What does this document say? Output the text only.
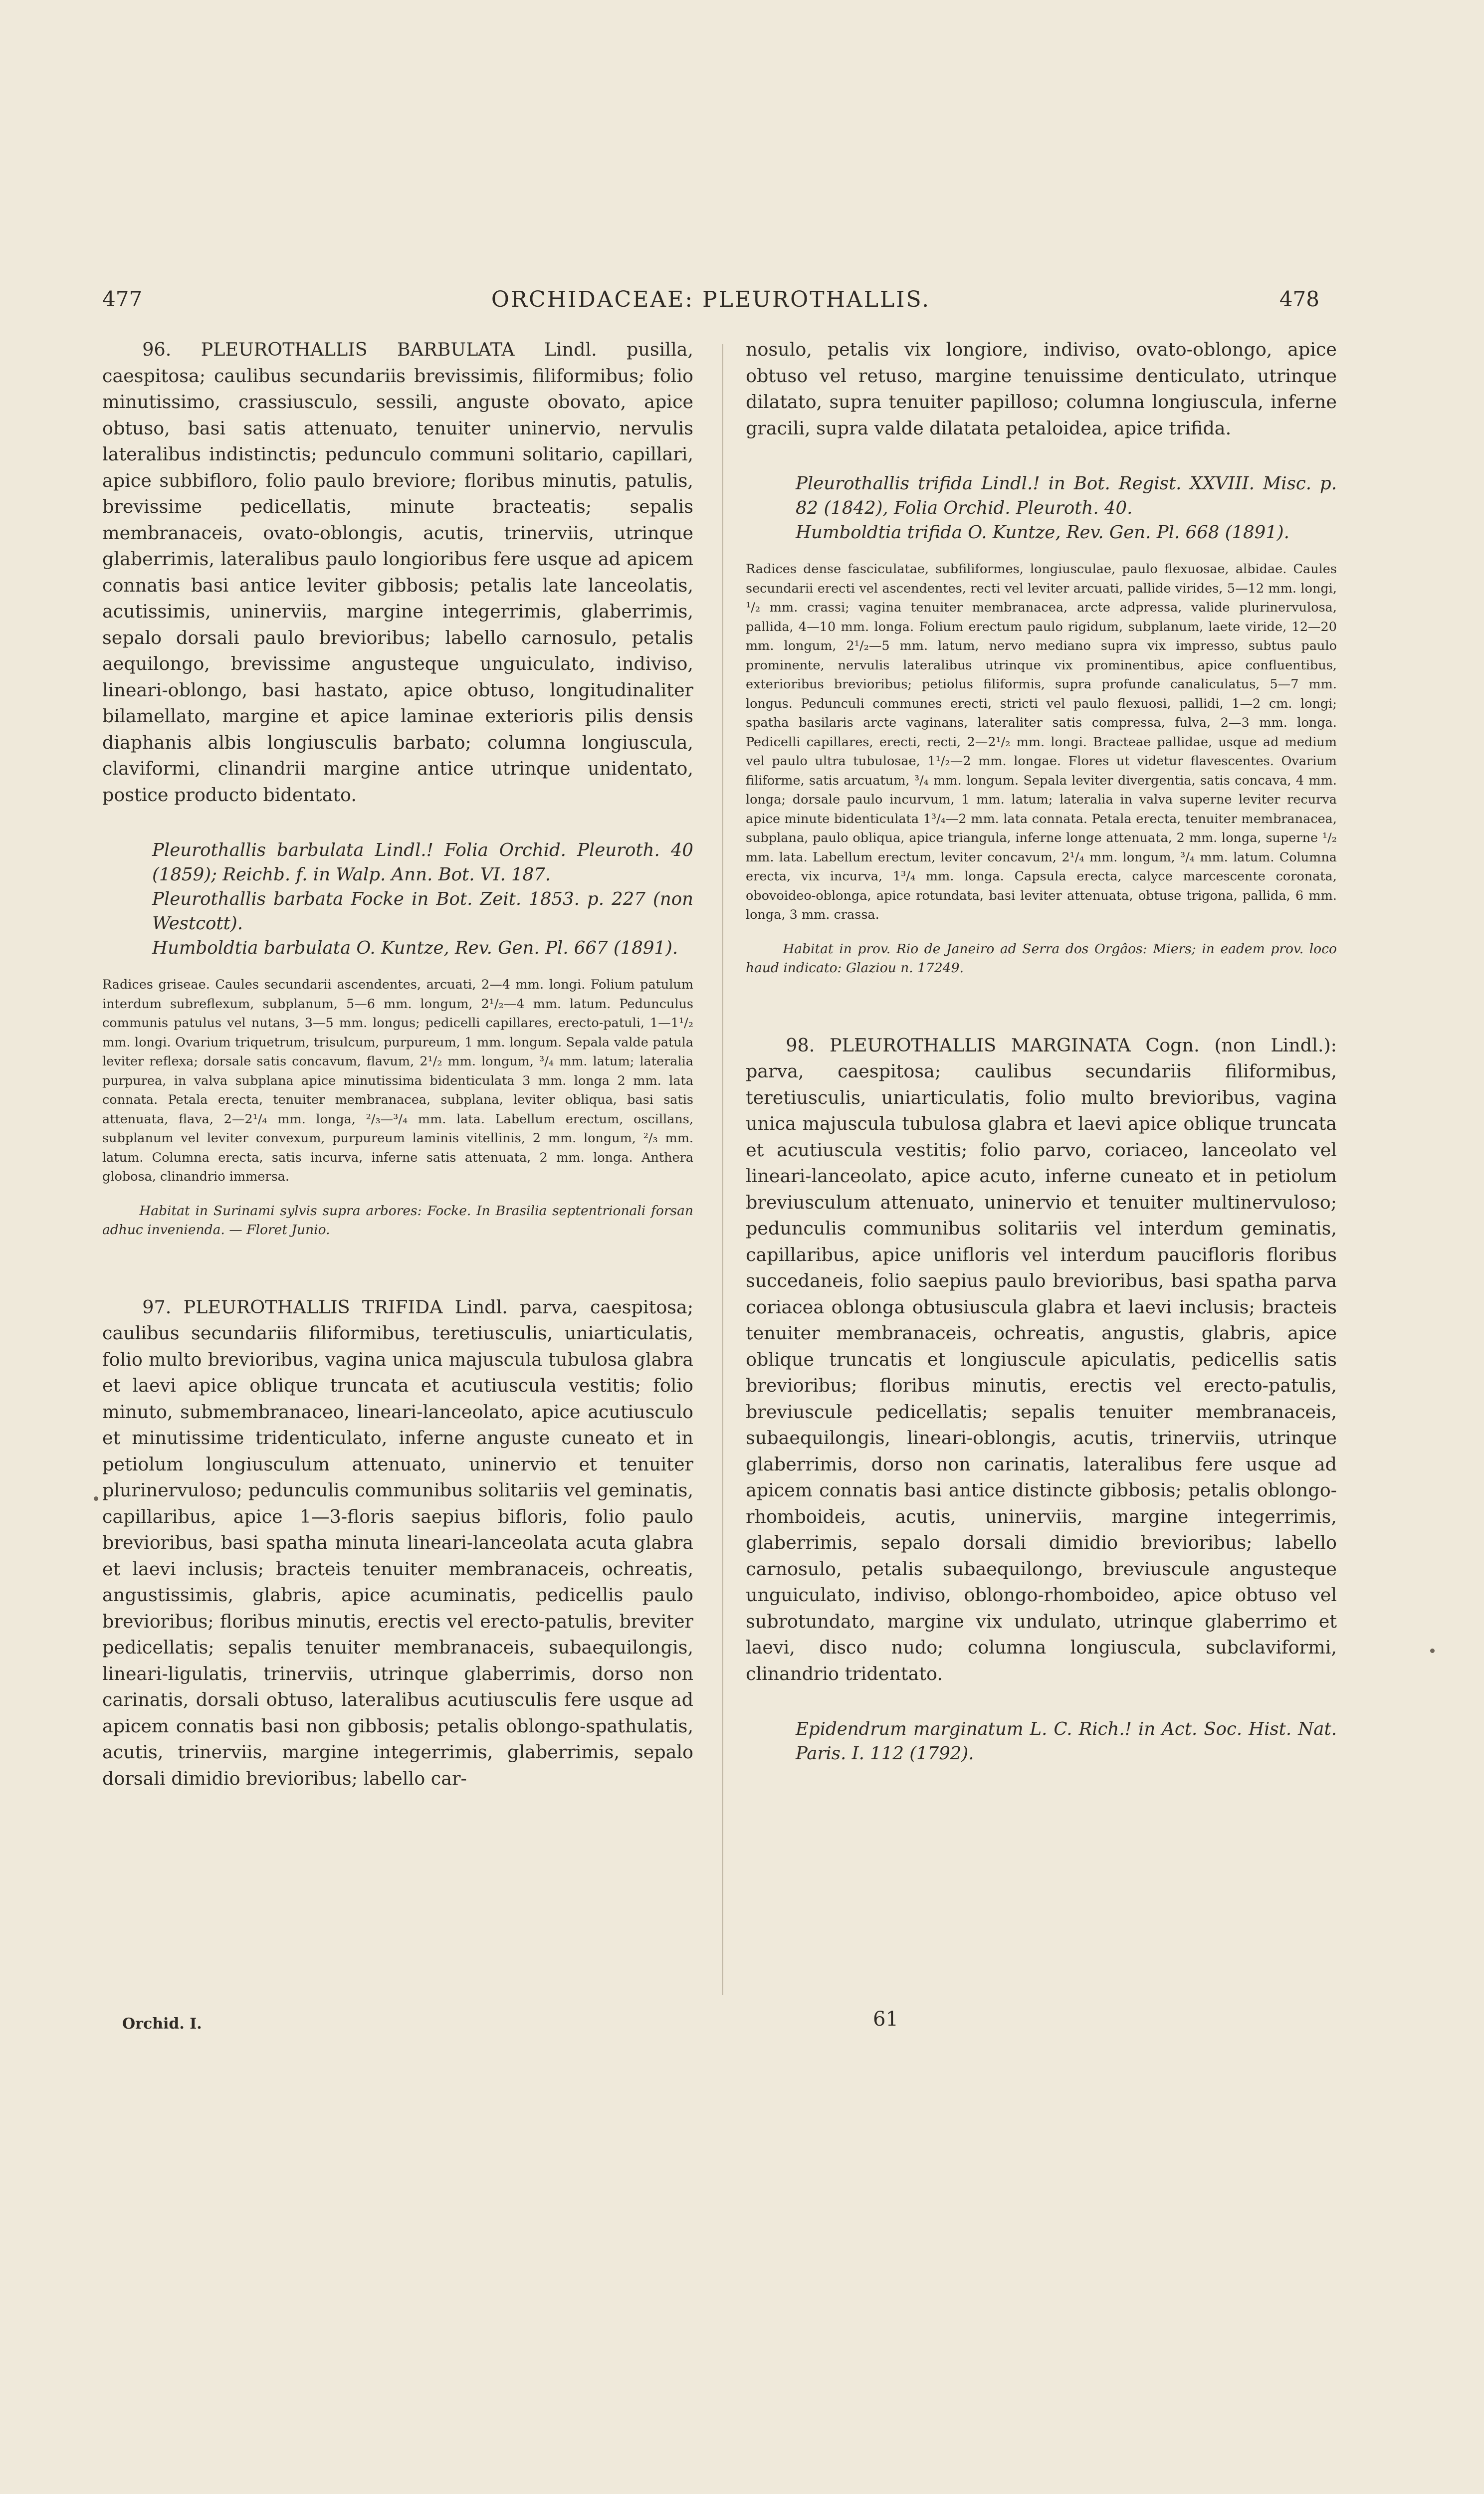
477	ORCHIDACEAE: PLEUROTHALLIS.	478

96. PLEUROTHALLIS BARBULATA Lindl. pusilla, caespitosa; caulibus secundariis brevissimis, filiformibus; folio minutissimo, crassiusculo, sessili, anguste obovato, apice obtuso, basi satis attenuato, tenuiter uninervio, nervulis lateralibus indistinctis; pedunculo communi solitario, capillari, apice subbifloro, folio paulo breviore; floribus minutis, patulis, brevissime pedicellatis, minute bracteatis; sepalis membranaceis, ovato-oblongis, acutis, trinerviis, utrinque glaberrimis, lateralibus paulo longioribus fere usque ad apicem connatis basi antice leviter gibbosis; petalis late lanceolatis, acutissimis, uninerviis, margine integerrimis, glaberrimis, sepalo dorsali paulo brevioribus; labello carnosulo, petalis aequilongo, brevissime angusteque unguiculato, indiviso, lineari-oblongo, basi hastato, apice obtuso, longitudinaliter bilamellato, margine et apice laminae exterioris pilis densis diaphanis albis longiusculis barbato; columna longiuscula, claviformi, clinandrii margine antice utrinque unidentato, postice producto bidentato.

Pleurothallis barbulata Lindl.! Folia Orchid. Pleuroth. 40 (1859); Reichb. f. in Walp. Ann. Bot. VI. 187.

Pleurothallis barbata Focke in Bot. Zeit. 1853. p. 227 (non Westcott).

Humboldtia barbulata O. Kuntze, Rev. Gen. Pl. 667 (1891).

Radices griseae. Caules secundarii ascendentes, arcuati, 2—4 mm. longi. Folium patulum interdum subreflexum, subplanum, 5—6 mm. longum, 2¹/₂—4 mm. latum. Pedunculus communis patulus vel nutans, 3—5 mm. longus; pedicelli capillares, erecto-patuli, 1—1¹/₂ mm. longi. Ovarium triquetrum, trisulcum, purpureum, 1 mm. longum. Sepala valde patula leviter reflexa; dorsale satis concavum, flavum, 2¹/₂ mm. longum, ³/₄ mm. latum; lateralia purpurea, in valva subplana apice minutissima bidenticulata 3 mm. longa 2 mm. lata connata. Petala erecta, tenuiter membranacea, subplana, leviter obliqua, basi satis attenuata, flava, 2—2¹/₄ mm. longa, ²/₃—³/₄ mm. lata. Labellum erectum, oscillans, subplanum vel leviter convexum, purpureum laminis vitellinis, 2 mm. longum, ²/₃ mm. latum. Columna erecta, satis incurva, inferne satis attenuata, 2 mm. longa. Anthera globosa, clinandrio immersa.

Habitat in Surinami sylvis supra arbores: Focke. In Brasilia septentrionali forsan adhuc invenienda. — Floret Junio.

97. PLEUROTHALLIS TRIFIDA Lindl. parva, caespitosa; caulibus secundariis filiformibus, teretiusculis, uniarticulatis, folio multo brevioribus, vagina unica majuscula tubulosa glabra et laevi apice oblique truncata et acutiuscula vestitis; folio minuto, submembranaceo, lineari-lanceolato, apice acutiusculo et minutissime tridenticulato, inferne anguste cuneato et in petiolum longiusculum attenuato, uninervio et tenuiter plurinervuloso; pedunculis communibus solitariis vel geminatis, capillaribus, apice 1—3-floris saepius bifloris, folio paulo brevioribus, basi spatha minuta lineari-lanceolata acuta glabra et laevi inclusis; bracteis tenuiter membranaceis, ochreatis, angustissimis, glabris, apice acuminatis, pedicellis paulo brevioribus; floribus minutis, erectis vel erecto-patulis, breviter pedicellatis; sepalis tenuiter membranaceis, subaequilongis, lineari-ligulatis, trinerviis, utrinque glaberrimis, dorso non carinatis, dorsali obtuso, lateralibus acutiusculis fere usque ad apicem connatis basi non gibbosis; petalis oblongo-spathulatis, acutis, trinerviis, margine integerrimis, glaberrimis, sepalo dorsali dimidio brevioribus; labello car-

nosulo, petalis vix longiore, indiviso, ovato-oblongo, apice obtuso vel retuso, margine tenuissime denticulato, utrinque dilatato, supra tenuiter papilloso; columna longiuscula, inferne gracili, supra valde dilatata petaloidea, apice trifida.

Pleurothallis trifida Lindl.! in Bot. Regist. XXVIII. Misc. p. 82 (1842), Folia Orchid. Pleuroth. 40.

Humboldtia trifida O. Kuntze, Rev. Gen. Pl. 668 (1891).

Radices dense fasciculatae, subfiliformes, longiusculae, paulo flexuosae, albidae. Caules secundarii erecti vel ascendentes, recti vel leviter arcuati, pallide virides, 5—12 mm. longi, ¹/₂ mm. crassi; vagina tenuiter membranacea, arcte adpressa, valide plurinervulosa, pallida, 4—10 mm. longa. Folium erectum paulo rigidum, subplanum, laete viride, 12—20 mm. longum, 2¹/₂—5 mm. latum, nervo mediano supra vix impresso, subtus paulo prominente, nervulis lateralibus utrinque vix prominentibus, apice confluentibus, exterioribus brevioribus; petiolus filiformis, supra profunde canaliculatus, 5—7 mm. longus. Pedunculi communes erecti, stricti vel paulo flexuosi, pallidi, 1—2 cm. longi; spatha basilaris arcte vaginans, lateraliter satis compressa, fulva, 2—3 mm. longa. Pedicelli capillares, erecti, recti, 2—2¹/₂ mm. longi. Bracteae pallidae, usque ad medium vel paulo ultra tubulosae, 1¹/₂—2 mm. longae. Flores ut videtur flavescentes. Ovarium filiforme, satis arcuatum, ³/₄ mm. longum. Sepala leviter divergentia, satis concava, 4 mm. longa; dorsale paulo incurvum, 1 mm. latum; lateralia in valva superne leviter recurva apice minute bidenticulata 1³/₄—2 mm. lata connata. Petala erecta, tenuiter membranacea, subplana, paulo obliqua, apice triangula, inferne longe attenuata, 2 mm. longa, superne ¹/₂ mm. lata. Labellum erectum, leviter concavum, 2¹/₄ mm. longum, ³/₄ mm. latum. Columna erecta, vix incurva, 1³/₄ mm. longa. Capsula erecta, calyce marcescente coronata, obovoideo-oblonga, apice rotundata, basi leviter attenuata, obtuse trigona, pallida, 6 mm. longa, 3 mm. crassa.

Habitat in prov. Rio de Janeiro ad Serra dos Orgâos: Miers; in eadem prov. loco haud indicato: Glaziou n. 17249.

98. PLEUROTHALLIS MARGINATA Cogn. (non Lindl.): parva, caespitosa; caulibus secundariis filiformibus, teretiusculis, uniarticulatis, folio multo brevioribus, vagina unica majuscula tubulosa glabra et laevi apice oblique truncata et acutiuscula vestitis; folio parvo, coriaceo, lanceolato vel lineari-lanceolato, apice acuto, inferne cuneato et in petiolum breviusculum attenuato, uninervio et tenuiter multinervuloso; pedunculis communibus solitariis vel interdum geminatis, capillaribus, apice unifloris vel interdum paucifloris floribus succedaneis, folio saepius paulo brevioribus, basi spatha parva coriacea oblonga obtusiuscula glabra et laevi inclusis; bracteis tenuiter membranaceis, ochreatis, angustis, glabris, apice oblique truncatis et longiuscule apiculatis, pedicellis satis brevioribus; floribus minutis, erectis vel erecto-patulis, breviuscule pedicellatis; sepalis tenuiter membranaceis, subaequilongis, lineari-oblongis, acutis, trinerviis, utrinque glaberrimis, dorso non carinatis, lateralibus fere usque ad apicem connatis basi antice distincte gibbosis; petalis oblongo-rhomboideis, acutis, uninerviis, margine integerrimis, glaberrimis, sepalo dorsali dimidio brevioribus; labello carnosulo, petalis subaequilongo, breviuscule angusteque unguiculato, indiviso, oblongo-rhomboideo, apice obtuso vel subrotundato, margine vix undulato, utrinque glaberrimo et laevi, disco nudo; columna longiuscula, subclaviformi, clinandrio tridentato.

Epidendrum marginatum L. C. Rich.! in Act. Soc. Hist. Nat. Paris. I. 112 (1792).

Orchid. I.	61
